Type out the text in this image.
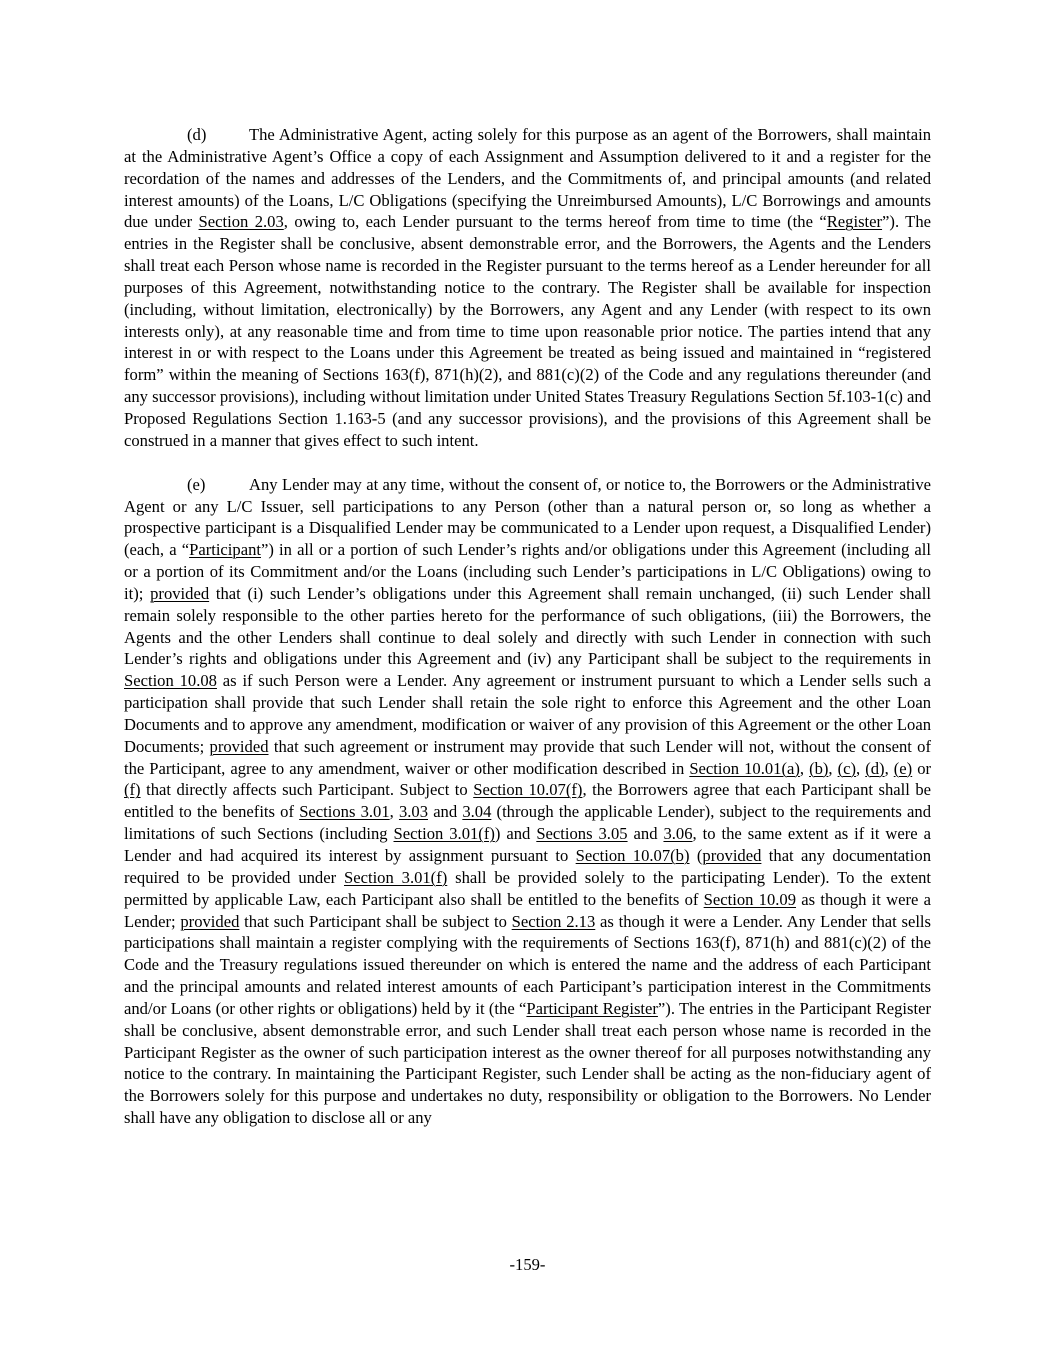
(d)	The Administrative Agent, acting solely for this purpose as an agent of the Borrowers, shall maintain at the Administrative Agent’s Office a copy of each Assignment and Assumption delivered to it and a register for the recordation of the names and addresses of the Lenders, and the Commitments of, and principal amounts (and related interest amounts) of the Loans, L/C Obligations (specifying the Unreimbursed Amounts), L/C Borrowings and amounts due under Section 2.03, owing to, each Lender pursuant to the terms hereof from time to time (the “Register”). The entries in the Register shall be conclusive, absent demonstrable error, and the Borrowers, the Agents and the Lenders shall treat each Person whose name is recorded in the Register pursuant to the terms hereof as a Lender hereunder for all purposes of this Agreement, notwithstanding notice to the contrary. The Register shall be available for inspection (including, without limitation, electronically) by the Borrowers, any Agent and any Lender (with respect to its own interests only), at any reasonable time and from time to time upon reasonable prior notice. The parties intend that any interest in or with respect to the Loans under this Agreement be treated as being issued and maintained in “registered form” within the meaning of Sections 163(f), 871(h)(2), and 881(c)(2) of the Code and any regulations thereunder (and any successor provisions), including without limitation under United States Treasury Regulations Section 5f.103-1(c) and Proposed Regulations Section 1.163-5 (and any successor provisions), and the provisions of this Agreement shall be construed in a manner that gives effect to such intent.

(e)	Any Lender may at any time, without the consent of, or notice to, the Borrowers or the Administrative Agent or any L/C Issuer, sell participations to any Person (other than a natural person or, so long as whether a prospective participant is a Disqualified Lender may be communicated to a Lender upon request, a Disqualified Lender) (each, a “Participant”) in all or a portion of such Lender’s rights and/or obligations under this Agreement (including all or a portion of its Commitment and/or the Loans (including such Lender’s participations in L/C Obligations) owing to it); provided that (i) such Lender’s obligations under this Agreement shall remain unchanged, (ii) such Lender shall remain solely responsible to the other parties hereto for the performance of such obligations, (iii) the Borrowers, the Agents and the other Lenders shall continue to deal solely and directly with such Lender in connection with such Lender’s rights and obligations under this Agreement and (iv) any Participant shall be subject to the requirements in Section 10.08 as if such Person were a Lender. Any agreement or instrument pursuant to which a Lender sells such a participation shall provide that such Lender shall retain the sole right to enforce this Agreement and the other Loan Documents and to approve any amendment, modification or waiver of any provision of this Agreement or the other Loan Documents; provided that such agreement or instrument may provide that such Lender will not, without the consent of the Participant, agree to any amendment, waiver or other modification described in Section 10.01(a), (b), (c), (d), (e) or (f) that directly affects such Participant. Subject to Section 10.07(f), the Borrowers agree that each Participant shall be entitled to the benefits of Sections 3.01, 3.03 and 3.04 (through the applicable Lender), subject to the requirements and limitations of such Sections (including Section 3.01(f)) and Sections 3.05 and 3.06, to the same extent as if it were a Lender and had acquired its interest by assignment pursuant to Section 10.07(b) (provided that any documentation required to be provided under Section 3.01(f) shall be provided solely to the participating Lender). To the extent permitted by applicable Law, each Participant also shall be entitled to the benefits of Section 10.09 as though it were a Lender; provided that such Participant shall be subject to Section 2.13 as though it were a Lender. Any Lender that sells participations shall maintain a register complying with the requirements of Sections 163(f), 871(h) and 881(c)(2) of the Code and the Treasury regulations issued thereunder on which is entered the name and the address of each Participant and the principal amounts and related interest amounts of each Participant’s participation interest in the Commitments and/or Loans (or other rights or obligations) held by it (the “Participant Register”). The entries in the Participant Register shall be conclusive, absent demonstrable error, and such Lender shall treat each person whose name is recorded in the Participant Register as the owner of such participation interest as the owner thereof for all purposes notwithstanding any notice to the contrary. In maintaining the Participant Register, such Lender shall be acting as the non-fiduciary agent of the Borrowers solely for this purpose and undertakes no duty, responsibility or obligation to the Borrowers. No Lender shall have any obligation to disclose all or any

-159-
